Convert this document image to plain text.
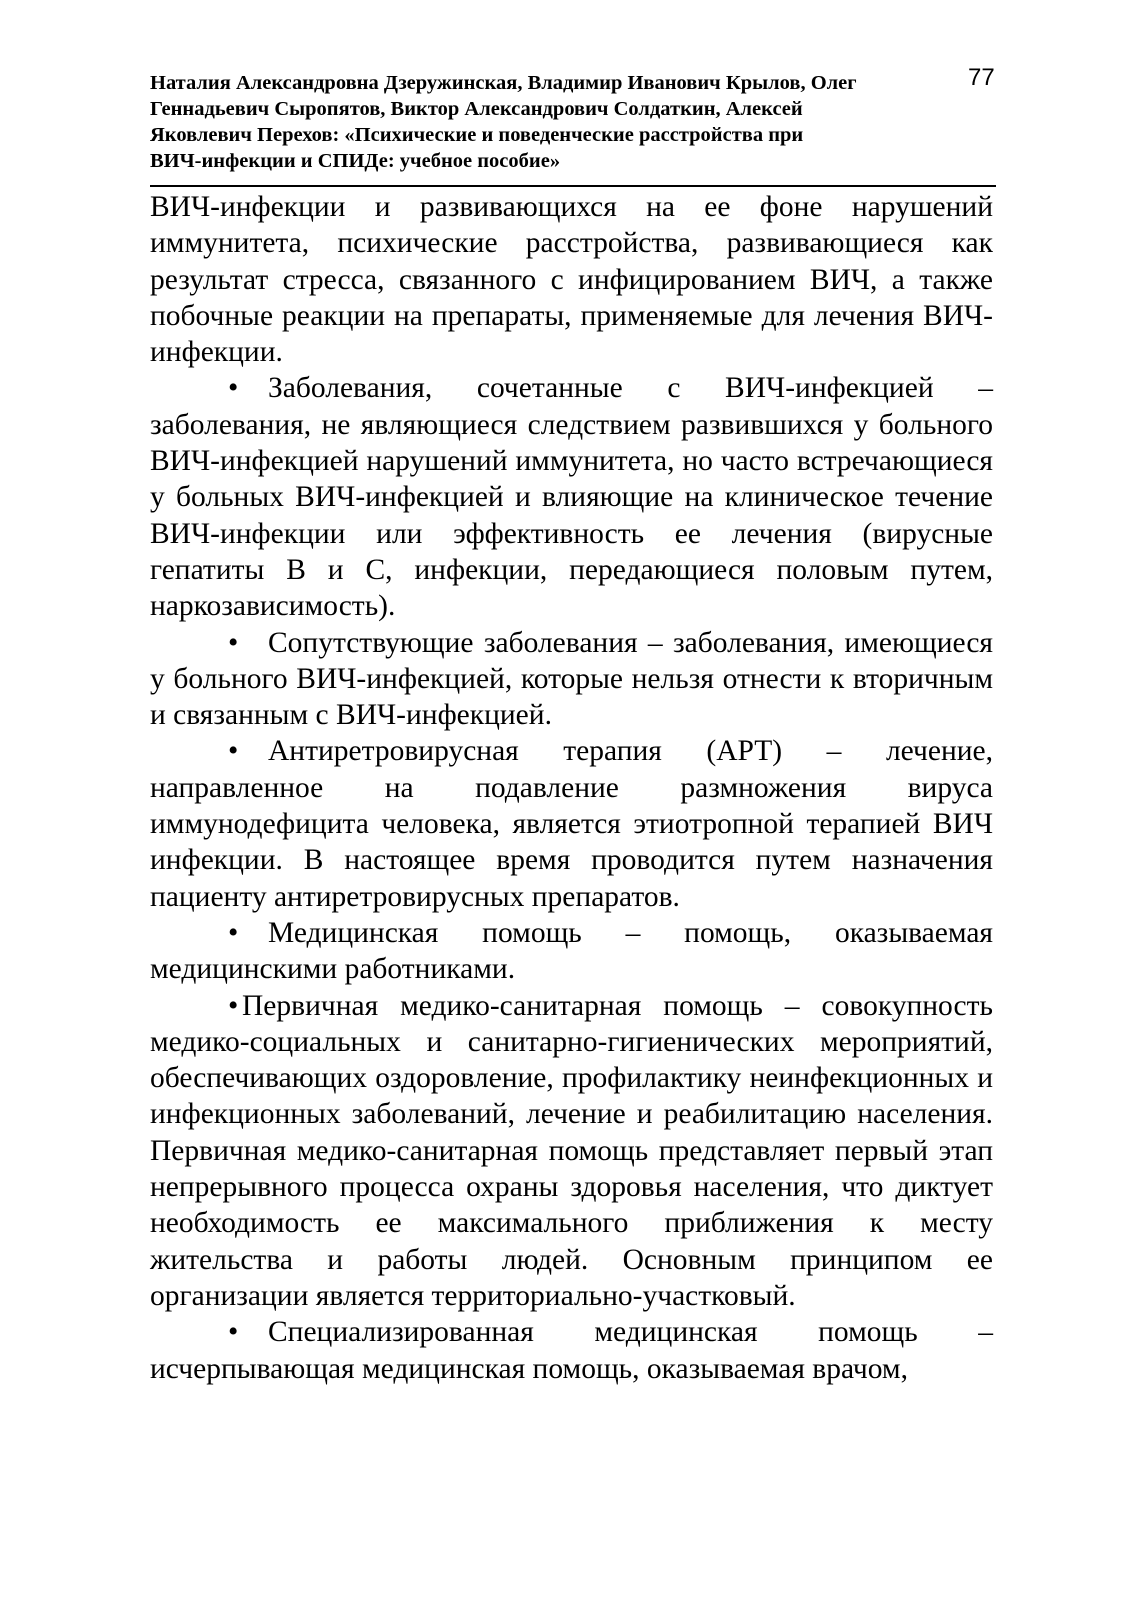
Наталия Александровна Дзеружинская, Владимир Иванович Крылов, Олег
Геннадьевич Сыропятов, Виктор Александрович Солдаткин, Алексей
Яковлевич Перехов: «Психические и поведенческие расстройства при
ВИЧ-инфекции и СПИДе: учебное пособие»
77

ВИЧ-инфекции и развивающихся на ее фоне нарушений иммунитета, психические расстройства, развивающиеся как результат стресса, связанного с инфицированием ВИЧ, а также побочные реакции на препараты, применяемые для лечения ВИЧ-инфекции.

• Заболевания, сочетанные с ВИЧ-инфекцией – заболевания, не являющиеся следствием развившихся у больного ВИЧ-инфекцией нарушений иммунитета, но часто встречающиеся у больных ВИЧ-инфекцией и влияющие на клиническое течение ВИЧ-инфекции или эффективность ее лечения (вирусные гепатиты В и С, инфекции, передающиеся половым путем, наркозависимость).

• Сопутствующие заболевания – заболевания, имеющиеся у больного ВИЧ-инфекцией, которые нельзя отнести к вторичным и связанным с ВИЧ-инфекцией.

• Антиретровирусная терапия (АРТ) – лечение, направленное на подавление размножения вируса иммунодефицита человека, является этиотропной терапией ВИЧ инфекции. В настоящее время проводится путем назначения пациенту антиретровирусных препаратов.

• Медицинская помощь – помощь, оказываемая медицинскими работниками.

• Первичная медико-санитарная помощь – совокупность медико-социальных и санитарно-гигиенических мероприятий, обеспечивающих оздоровление, профилактику неинфекционных и инфекционных заболеваний, лечение и реабилитацию населения. Первичная медико-санитарная помощь представляет первый этап непрерывного процесса охраны здоровья населения, что диктует необходимость ее максимального приближения к месту жительства и работы людей. Основным принципом ее организации является территориально-участковый.

• Специализированная медицинская помощь – исчерпывающая медицинская помощь, оказываемая врачом,
